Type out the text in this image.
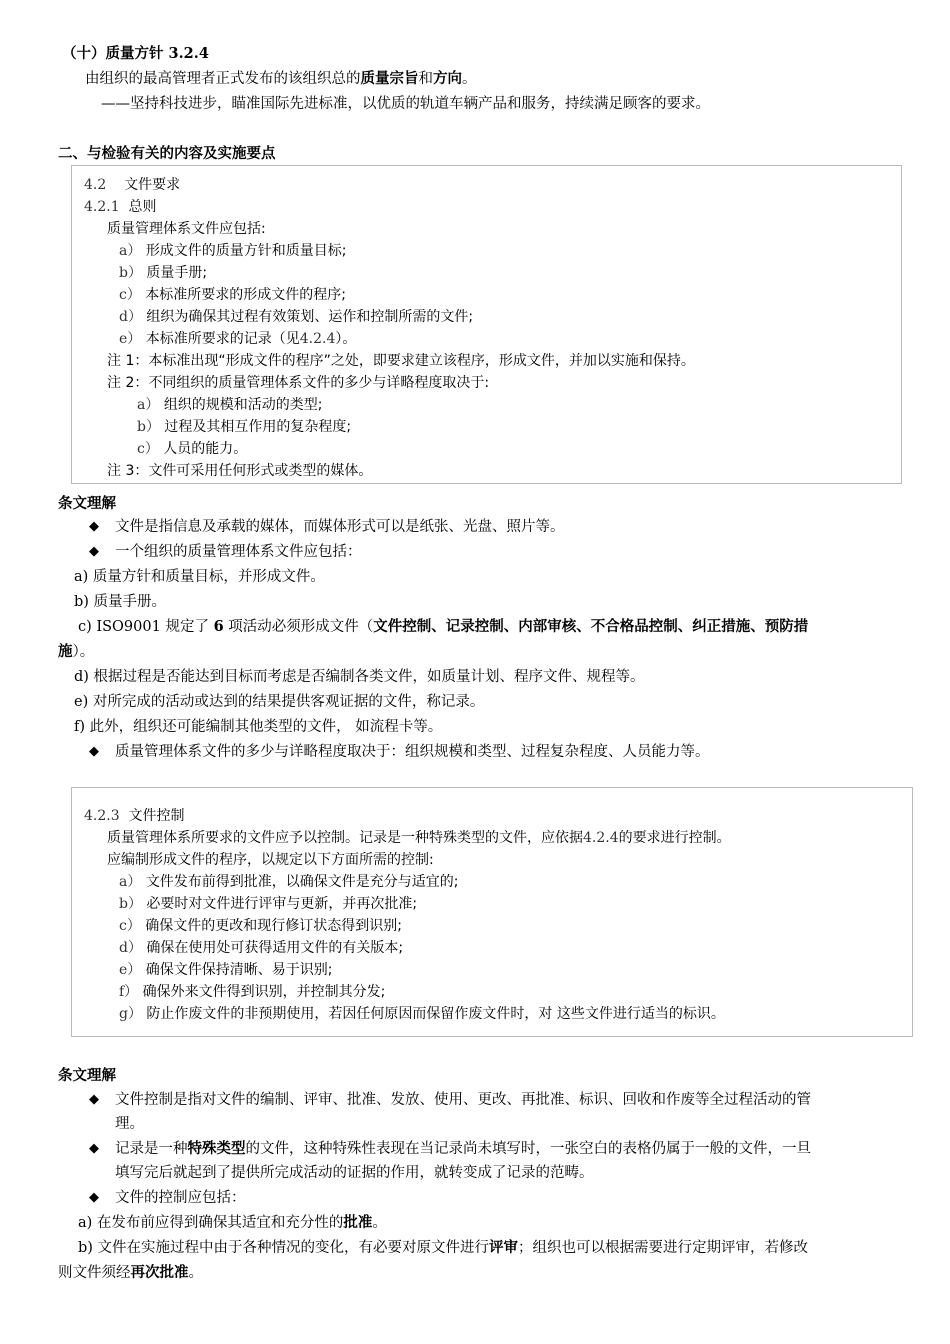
（十）质量方针 3.2.4
由组织的最高管理者正式发布的该组织总的质量宗旨和方向。
——坚持科技进步，瞄准国际先进标准，以优质的轨道车辆产品和服务，持续满足顾客的要求。
二、与检验有关的内容及实施要点
4.2 文件要求
4.2.1 总则
质量管理体系文件应包括:
a） 形成文件的质量方针和质量目标;
b） 质量手册;
c） 本标准所要求的形成文件的程序;
d） 组织为确保其过程有效策划、运作和控制所需的文件;
e） 本标准所要求的记录（见4.2.4）。
注 1：本标准出现“形成文件的程序”之处，即要求建立该程序，形成文件，并加以实施和保持。
注 2：不同组织的质量管理体系文件的多少与详略程度取决于:
a） 组织的规模和活动的类型;
b） 过程及其相互作用的复杂程度;
c） 人员的能力。
注 3：文件可采用任何形式或类型的媒体。
条文理解
◆ 文件是指信息及承载的媒体，而媒体形式可以是纸张、光盘、照片等。
◆ 一个组织的质量管理体系文件应包括：
a) 质量方针和质量目标，并形成文件。
b) 质量手册。
c) ISO9001 规定了 6 项活动必须形成文件（文件控制、记录控制、内部审核、不合格品控制、纠正措施、预防措
施）。
d) 根据过程是否能达到目标而考虑是否编制各类文件，如质量计划、程序文件、规程等。
e) 对所完成的活动或达到的结果提供客观证据的文件，称记录。
f) 此外，组织还可能编制其他类型的文件， 如流程卡等。
◆ 质量管理体系文件的多少与详略程度取决于：组织规模和类型、过程复杂程度、人员能力等。
4.2.3 文件控制
质量管理体系所要求的文件应予以控制。记录是一种特殊类型的文件，应依据4.2.4的要求进行控制。
应编制形成文件的程序，以规定以下方面所需的控制:
a） 文件发布前得到批准，以确保文件是充分与适宜的;
b） 必要时对文件进行评审与更新，并再次批准;
c） 确保文件的更改和现行修订状态得到识别;
d） 确保在使用处可获得适用文件的有关版本;
e） 确保文件保持清晰、易于识别;
f） 确保外来文件得到识别，并控制其分发;
g） 防止作废文件的非预期使用，若因任何原因而保留作废文件时，对 这些文件进行适当的标识。
条文理解
◆ 文件控制是指对文件的编制、评审、批准、发放、使用、更改、再批准、标识、回收和作废等全过程活动的管
理。
◆ 记录是一种特殊类型的文件，这种特殊性表现在当记录尚未填写时，一张空白的表格仍属于一般的文件，一旦
填写完后就起到了提供所完成活动的证据的作用，就转变成了记录的范畴。
◆ 文件的控制应包括：
a) 在发布前应得到确保其适宜和充分性的批准。
b) 文件在实施过程中由于各种情况的变化，有必要对原文件进行评审；组织也可以根据需要进行定期评审，若修改
则文件须经再次批准。
